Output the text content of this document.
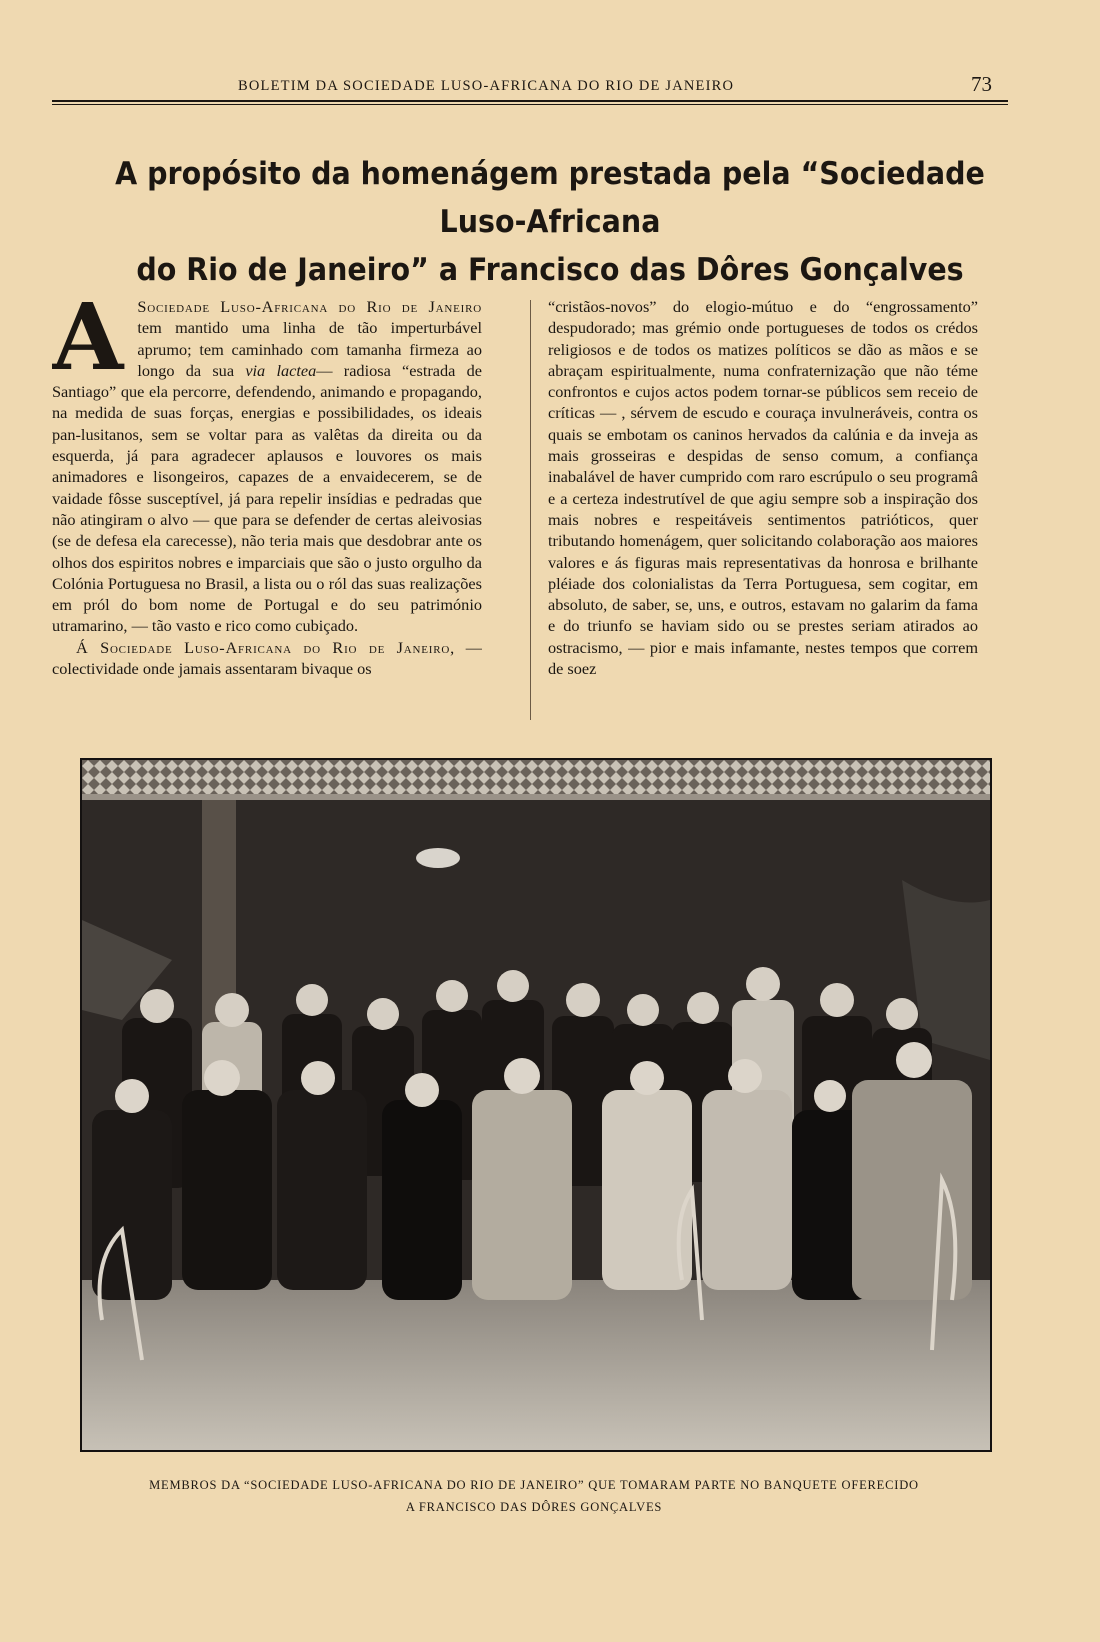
BOLETIM DA SOCIEDADE LUSO-AFRICANA DO RIO DE JANEIRO	73
A propósito da homenágem prestada pela “Sociedade Luso-Africana
do Rio de Janeiro” a Francisco das Dôres Gonçalves

A Sociedade Luso-Africana do Rio de Janeiro tem mantido uma linha de tão imperturbável aprumo; tem caminhado com tamanha firmeza ao longo da sua via lactea— radiosa “estrada de Santiago” que ela percorre, defendendo, animando e propagando, na medida de suas forças, energias e possibilidades, os ideais pan-lusitanos, sem se voltar para as valêtas da direita ou da esquerda, já para agradecer aplausos e louvores os mais animadores e lisongeiros, capazes de a envaidecerem, se de vaidade fôsse susceptível, já para repelir insídias e pedradas que não atingiram o alvo — que para se defender de certas aleivosias (se de defesa ela carecesse), não teria mais que desdobrar ante os olhos dos espiritos nobres e imparciais que são o justo orgulho da Colónia Portuguesa no Brasil, a lista ou o ról das suas realizações em pról do bom nome de Portugal e do seu património utramarino, — tão vasto e rico como cubiçado.

Á Sociedade Luso-Africana do Rio de Janeiro, — colectividade onde jamais assentaram bivaque os

“cristãos-novos” do elogio-mútuo e do “engrossamento” despudorado; mas grémio onde portugueses de todos os crédos religiosos e de todos os matizes políticos se dão as mãos e se abraçam espiritualmente, numa confraternização que não téme confrontos e cujos actos podem tornar-se públicos sem receio de críticas — , sérvem de escudo e couraça invulneráveis, contra os quais se embotam os caninos hervados da calúnia e da inveja as mais grosseiras e despidas de senso comum, a confiança inabalável de haver cumprido com raro escrúpulo o seu programâ e a certeza indestrutível de que agiu sempre sob a inspiração dos mais nobres e respeitáveis sentimentos patrióticos, quer tributando homenágem, quer solicitando colaboração aos maiores valores e ás figuras mais representativas da honrosa e brilhante pléiade dos colonialistas da Terra Portuguesa, sem cogitar, em absoluto, de saber, se, uns, e outros, estavam no galarim da fama e do triunfo se haviam sido ou se prestes seriam atirados ao ostracismo, — pior e mais infamante, nestes tempos que correm de soez

MEMBROS DA “SOCIEDADE LUSO-AFRICANA DO RIO DE JANEIRO” QUE TOMARAM PARTE NO BANQUETE OFERECIDO
A FRANCISCO DAS DÔRES GONÇALVES
